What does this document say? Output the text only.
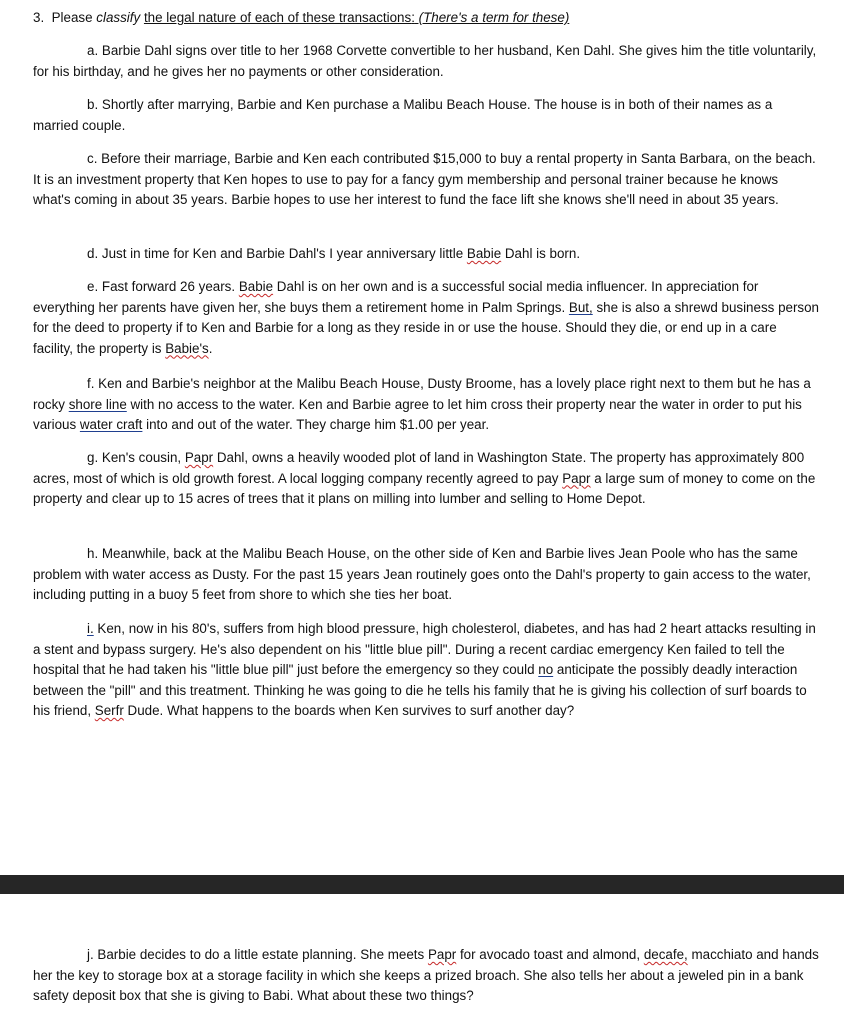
3. Please classify the legal nature of each of these transactions: (There's a term for these)

a. Barbie Dahl signs over title to her 1968 Corvette convertible to her husband, Ken Dahl. She gives him the title voluntarily, for his birthday, and he gives her no payments or other consideration.

b. Shortly after marrying, Barbie and Ken purchase a Malibu Beach House. The house is in both of their names as a married couple.

c. Before their marriage, Barbie and Ken each contributed $15,000 to buy a rental property in Santa Barbara, on the beach. It is an investment property that Ken hopes to use to pay for a fancy gym membership and personal trainer because he knows what's coming in about 35 years. Barbie hopes to use her interest to fund the face lift she knows she'll need in about 35 years.

d. Just in time for Ken and Barbie Dahl's I year anniversary little Babie Dahl is born.

e. Fast forward 26 years. Babie Dahl is on her own and is a successful social media influencer. In appreciation for everything her parents have given her, she buys them a retirement home in Palm Springs. But, she is also a shrewd business person for the deed to property if to Ken and Barbie for a long as they reside in or use the house. Should they die, or end up in a care facility, the property is Babie's.

f. Ken and Barbie's neighbor at the Malibu Beach House, Dusty Broome, has a lovely place right next to them but he has a rocky shore line with no access to the water. Ken and Barbie agree to let him cross their property near the water in order to put his various water craft into and out of the water. They charge him $1.00 per year.

g. Ken's cousin, Papr Dahl, owns a heavily wooded plot of land in Washington State. The property has approximately 800 acres, most of which is old growth forest. A local logging company recently agreed to pay Papr a large sum of money to come on the property and clear up to 15 acres of trees that it plans on milling into lumber and selling to Home Depot.

h. Meanwhile, back at the Malibu Beach House, on the other side of Ken and Barbie lives Jean Poole who has the same problem with water access as Dusty. For the past 15 years Jean routinely goes onto the Dahl's property to gain access to the water, including putting in a buoy 5 feet from shore to which she ties her boat.

i. Ken, now in his 80's, suffers from high blood pressure, high cholesterol, diabetes, and has had 2 heart attacks resulting in a stent and bypass surgery. He's also dependent on his "little blue pill". During a recent cardiac emergency Ken failed to tell the hospital that he had taken his "little blue pill" just before the emergency so they could no anticipate the possibly deadly interaction between the "pill" and this treatment. Thinking he was going to die he tells his family that he is giving his collection of surf boards to his friend, Serfr Dude. What happens to the boards when Ken survives to surf another day?

j. Barbie decides to do a little estate planning. She meets Papr for avocado toast and almond, decafe, macchiato and hands her the key to storage box at a storage facility in which she keeps a prized broach. She also tells her about a jeweled pin in a bank safety deposit box that she is giving to Babi. What about these two things?
